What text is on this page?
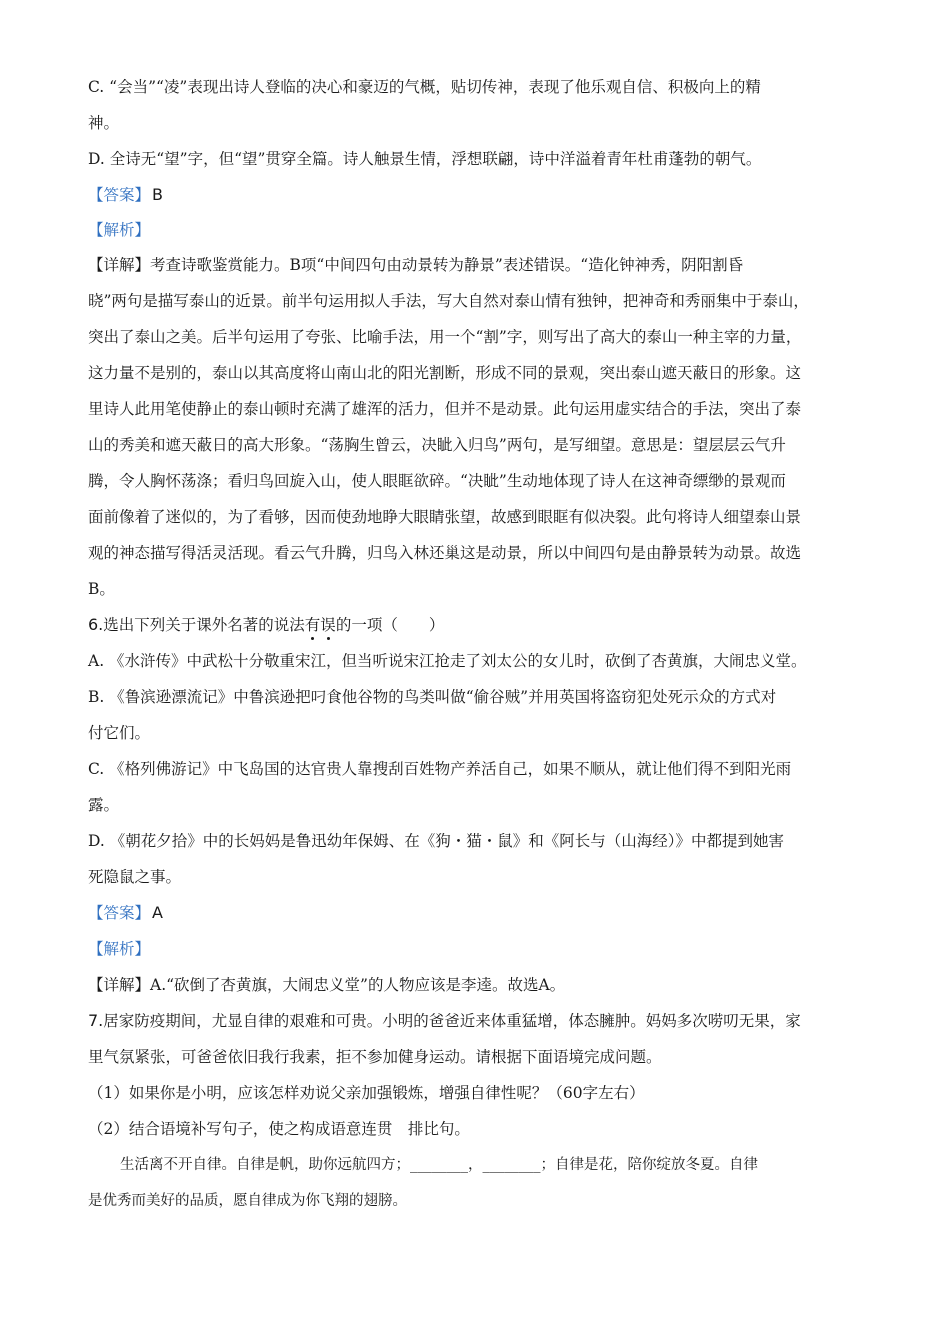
C. “会当”“凌”表现出诗人登临的决心和豪迈的气概，贴切传神，表现了他乐观自信、积极向上的精
神。
D. 全诗无“望”字，但“望”贯穿全篇。诗人触景生情，浮想联翩，诗中洋溢着青年杜甫蓬勃的朝气。
【答案】 B
【解析】
【详解】考查诗歌鉴赏能力。B项“中间四句由动景转为静景”表述错误。“造化钟神秀，阴阳割昏
晓”两句是描写泰山的近景。前半句运用拟人手法，写大自然对泰山情有独钟，把神奇和秀丽集中于泰山，
突出了泰山之美。后半句运用了夸张、比喻手法，用一个“割”字，则写出了高大的泰山一种主宰的力量，
这力量不是别的，泰山以其高度将山南山北的阳光割断，形成不同的景观，突出泰山遮天蔽日的形象。这
里诗人此用笔使静止的泰山顿时充满了雄浑的活力，但并不是动景。此句运用虚实结合的手法，突出了泰
山的秀美和遮天蔽日的高大形象。“荡胸生曾云，决眦入归鸟”两句，是写细望。意思是：望层层云气升
腾，令人胸怀荡涤；看归鸟回旋入山，使人眼眶欲碎。“决眦”生动地体现了诗人在这神奇缥缈的景观而
面前像着了迷似的，为了看够，因而使劲地睁大眼睛张望，故感到眼眶有似决裂。此句将诗人细望泰山景
观的神态描写得活灵活现。看云气升腾，归鸟入林还巢这是动景，所以中间四句是由静景转为动景。故选
B。
6.选出下列关于课外名著的说法有误的一项（　　）
A. 《水浒传》中武松十分敬重宋江，但当听说宋江抢走了刘太公的女儿时，砍倒了杏黄旗，大闹忠义堂。
B. 《鲁滨逊漂流记》中鲁滨逊把叼食他谷物的鸟类叫做“偷谷贼”并用英国将盗窃犯处死示众的方式对
付它们。
C. 《格列佛游记》中飞岛国的达官贵人靠搜刮百姓物产养活自己，如果不顺从，就让他们得不到阳光雨
露。
D. 《朝花夕拾》中的长妈妈是鲁迅幼年保姆、在《狗・猫・鼠》和《阿长与（山海经）》中都提到她害
死隐鼠之事。
【答案】 A
【解析】
【详解】A.“砍倒了杏黄旗，大闹忠义堂”的人物应该是李逵。故选A。
7.居家防疫期间，尤显自律的艰难和可贵。小明的爸爸近来体重猛增，体态臃肿。妈妈多次唠叨无果，家
里气氛紧张，可爸爸依旧我行我素，拒不参加健身运动。请根据下面语境完成问题。
（1）如果你是小明，应该怎样劝说父亲加强锻炼，增强自律性呢？（60字左右）
（2）结合语境补写句子，使之构成语意连贯　排比句。
生活离不开自律。自律是帆，助你远航四方；________，________；自律是花，陪你绽放冬夏。自律
是优秀而美好的品质，愿自律成为你飞翔的翅膀。
